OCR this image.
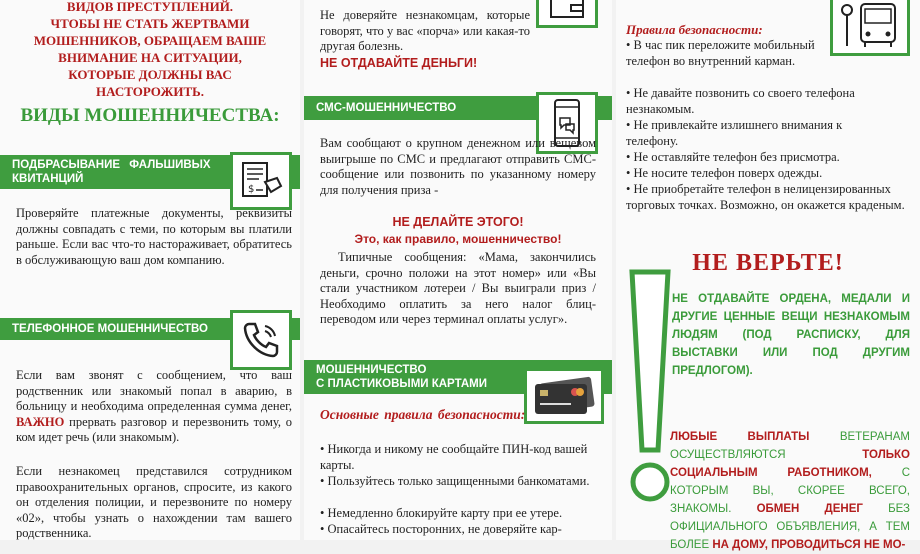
ВИДОВ ПРЕСТУПЛЕНИЙ.
ЧТОБЫ НЕ СТАТЬ ЖЕРТВАМИ
МОШЕННИКОВ, ОБРАЩАЕМ ВАШЕ
ВНИМАНИЕ НА СИТУАЦИИ,
КОТОРЫЕ ДОЛЖНЫ ВАС
НАСТОРОЖИТЬ.
ВИДЫ МОШЕННИЧЕСТВА:
ПОДБРАСЫВАНИЕ ФАЛЬШИВЫХ
КВИТАНЦИЙ
$
Проверяйте платежные документы, реквизиты должны совпадать с теми, по которым вы платили раньше. Если вас что-то настораживает, обратитесь в обслуживающую ваш дом компанию.
ТЕЛЕФОННОЕ МОШЕННИЧЕСТВО
Если вам звонят с сообщением, что ваш родственник или знакомый попал в аварию, в больницу и необходима определенная сумма денег, ВАЖНО прервать разговор и перезвонить тому, о ком идет речь (или знакомым).
Если незнакомец представился сотрудником правоохранительных органов, спросите, из какого он отделения полиции, и перезвоните по номеру «02», чтобы узнать о нахождении там вашего родственника.
Не доверяйте незнакомцам, которые говорят, что у вас «порча» или какая-то другая болезнь.
НЕ ОТДАВАЙТЕ ДЕНЬГИ!
СМС-МОШЕННИЧЕСТВО
Вам сообщают о крупном денежном или вещевом выигрыше по СМС и предлагают отправить СМС-сообщение или позвонить по указанному номеру для получения приза -
НЕ ДЕЛАЙТЕ ЭТОГО!
Это, как правило, мошенничество!
Типичные сообщения: «Мама, закончились деньги, срочно положи на этот номер» или «Вы стали участником лотереи / Вы выиграли приз / Необходимо оплатить за него налог блиц-переводом или через терминал оплаты услуг».
МОШЕННИЧЕСТВО
С ПЛАСТИКОВЫМИ КАРТАМИ
Основные правила безопасности:
• Никогда и никому не сообщайте ПИН-код вашей карты.
• Пользуйтесь только защищенными банкоматами.
• Немедленно блокируйте карту при ее утере.
• Опасайтесь посторонних, не доверяйте кар-
Правила безопасности:
• В час пик переложите мобильный телефон во внутренний карман.
• Не давайте позвонить со своего телефона незнакомым.
• Не привлекайте излишнего внимания к телефону.
• Не оставляйте телефон без присмотра.
• Не носите телефон поверх одежды.
• Не приобретайте телефон в нелицензированных торговых точках. Возможно, он окажется краденым.
НЕ ВЕРЬТЕ!
НЕ ОТДАВАЙТЕ ОРДЕНА, МЕДАЛИ И ДРУГИЕ ЦЕННЫЕ ВЕЩИ НЕЗНАКОМЫМ ЛЮДЯМ (ПОД РАСПИСКУ, ДЛЯ ВЫСТАВКИ ИЛИ ПОД ДРУГИМ ПРЕДЛОГОМ).
ЛЮБЫЕ ВЫПЛАТЫ	ВЕТЕРАНАМ ОСУЩЕСТВЛЯЮТСЯ	ТОЛЬКО СОЦИАЛЬНЫМ РАБОТНИКОМ,	С КОТОРЫМ ВЫ, СКОРЕЕ ВСЕГО, ЗНАКОМЫ. ОБМЕН ДЕНЕГ БЕЗ ОФИЦИАЛЬНОГО ОБЪЯВЛЕНИЯ, А ТЕМ БОЛЕЕ НА ДОМУ, ПРОВОДИТЬСЯ НЕ МО-
